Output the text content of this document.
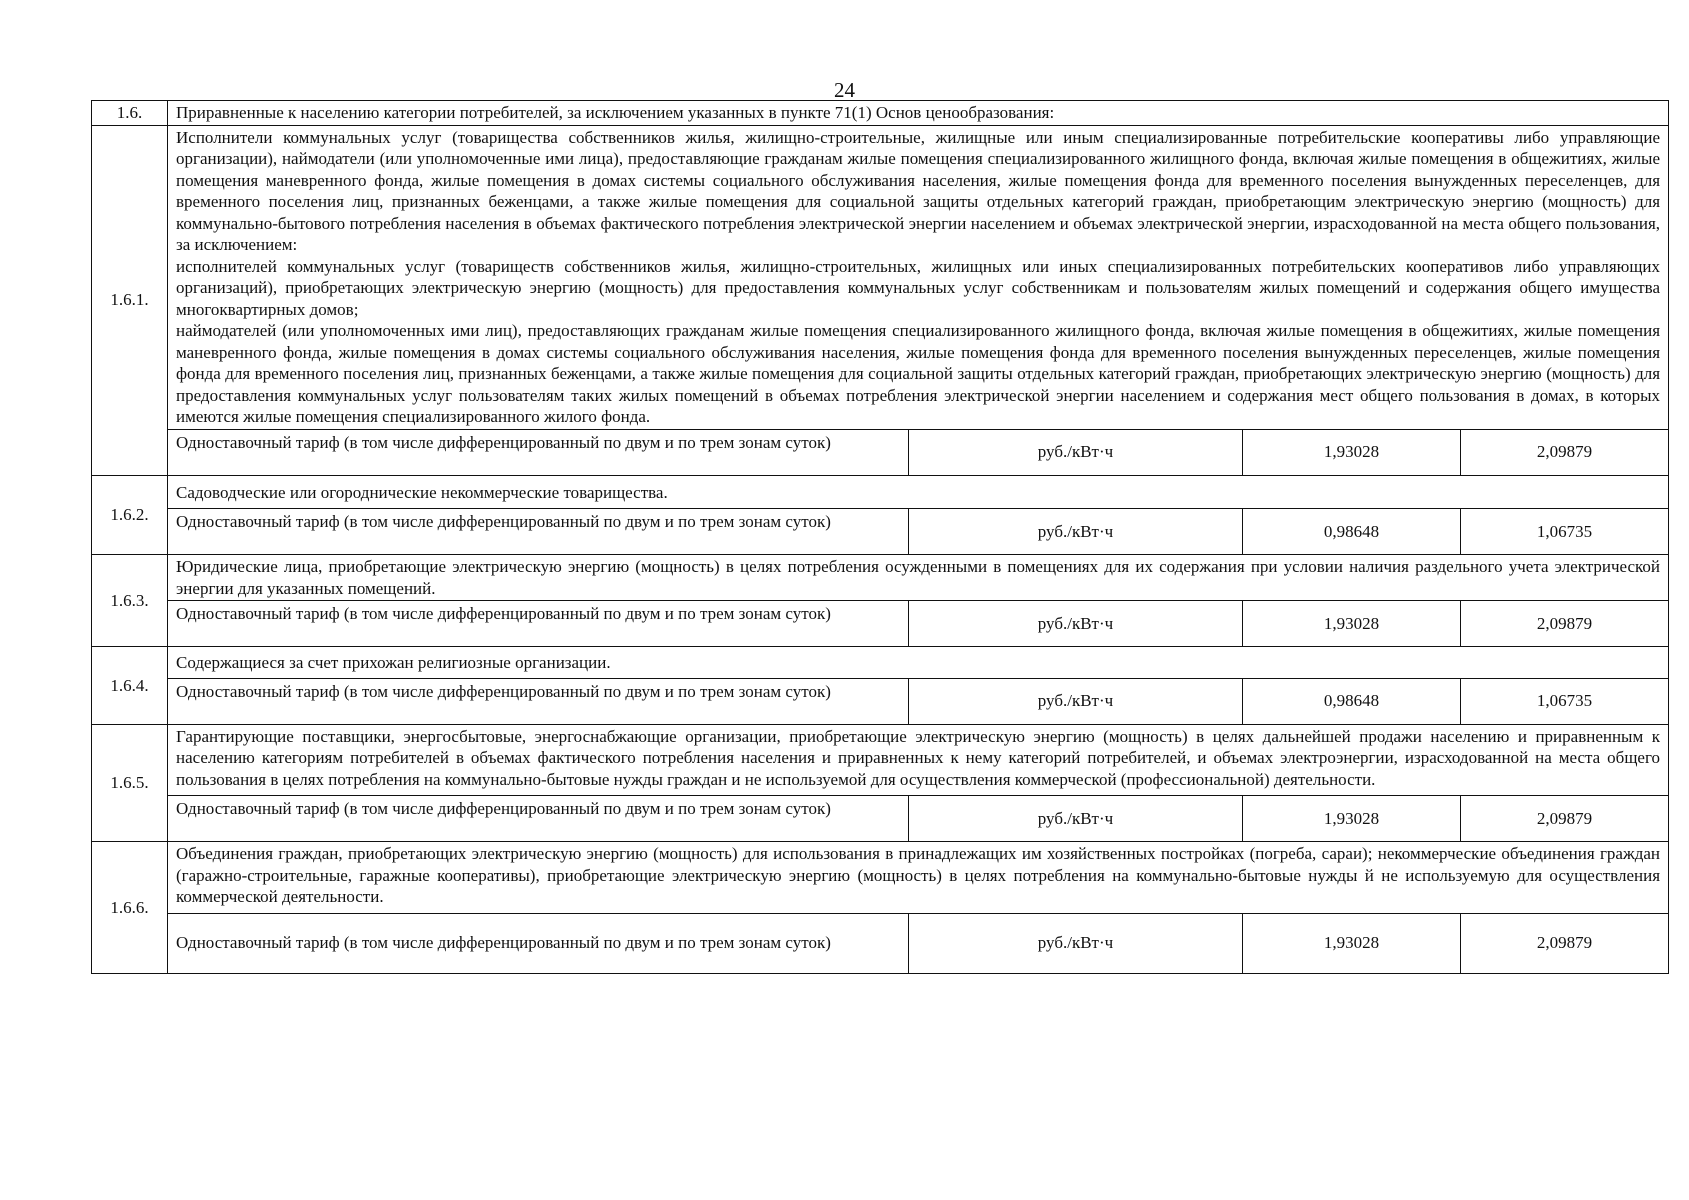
24
1.6.	Приравненные к населению категории потребителей, за исключением указанных в пункте 71(1) Основ ценообразования:			
1.6.1.	Исполнители коммунальных услуг (товарищества собственников жилья, жилищно-строительные, жилищные или иным специализированные потребительские кооперативы либо управляющие организации), наймодатели (или уполномоченные ими лица), предоставляющие гражданам жилые помещения специализированного жилищного фонда, включая жилые помещения в общежитиях, жилые помещения маневренного фонда, жилые помещения в домах системы социального обслуживания населения, жилые помещения фонда для временного поселения вынужденных переселенцев, для временного поселения лиц, признанных беженцами, а также жилые помещения для социальной защиты отдельных категорий граждан, приобретающим электрическую энергию (мощность) для коммунально-бытового потребления населения в объемах фактического потребления электрической энергии населением и объемах электрической энергии, израсходованной на места общего пользования, за исключением:

исполнителей коммунальных услуг (товариществ собственников жилья, жилищно-строительных, жилищных или иных специализированных потребительских кооперативов либо управляющих организаций), приобретающих электрическую энергию (мощность) для предоставления коммунальных услуг собственникам и пользователям жилых помещений и содержания общего имущества многоквартирных домов;

наймодателей (или уполномоченных ими лиц), предоставляющих гражданам жилые помещения специализированного жилищного фонда, включая жилые помещения в общежитиях, жилые помещения маневренного фонда, жилые помещения в домах системы социального обслуживания населения, жилые помещения фонда для временного поселения вынужденных переселенцев, жилые помещения фонда для временного поселения лиц, признанных беженцами, а также жилые помещения для социальной защиты отдельных категорий граждан, приобретающих электрическую энергию (мощность) для предоставления коммунальных услуг пользователям таких жилых помещений в объемах потребления электрической энергии населением и содержания мест общего пользования в домах, в которых имеются жилые помещения специализированного жилого фонда.			

	Одноставочный тариф (в том числе дифференцированный по двум и по трем зонам суток)	руб./кВт·ч	1,93028	2,09879
1.6.2.	Садоводческие или огороднические некоммерческие товарищества.			

	Одноставочный тариф (в том числе дифференцированный по двум и по трем зонам суток)	руб./кВт·ч	0,98648	1,06735
1.6.3.	Юридические лица, приобретающие электрическую энергию (мощность) в целях потребления осужденными в помещениях для их содержания при условии наличия раздельного учета электрической энергии для указанных помещений.			

	Одноставочный тариф (в том числе дифференцированный по двум и по трем зонам суток)	руб./кВт·ч	1,93028	2,09879
1.6.4.	Содержащиеся за счет прихожан религиозные организации.			

	Одноставочный тариф (в том числе дифференцированный по двум и по трем зонам суток)	руб./кВт·ч	0,98648	1,06735
1.6.5.	Гарантирующие поставщики, энергосбытовые, энергоснабжающие организации, приобретающие электрическую энергию (мощность) в целях дальнейшей продажи населению и приравненным к населению категориям потребителей в объемах фактического потребления населения и приравненных к нему категорий потребителей, и объемах электроэнергии, израсходованной на места общего пользования в целях потребления на коммунально-бытовые нужды граждан и не используемой для осуществления коммерческой (профессиональной) деятельности.			

	Одноставочный тариф (в том числе дифференцированный по двум и по трем зонам суток)	руб./кВт·ч	1,93028	2,09879
1.6.6.	Объединения граждан, приобретающих электрическую энергию (мощность) для использования в принадлежащих им хозяйственных постройках (погреба, сараи); некоммерческие объединения граждан (гаражно-строительные, гаражные кооперативы), приобретающие электрическую энергию (мощность) в целях потребления на коммунально-бытовые нужды й не используемую для осуществления коммерческой деятельности.			

	Одноставочный тариф (в том числе дифференцированный по двум и по трем зонам суток)	руб./кВт·ч	1,93028	2,09879
